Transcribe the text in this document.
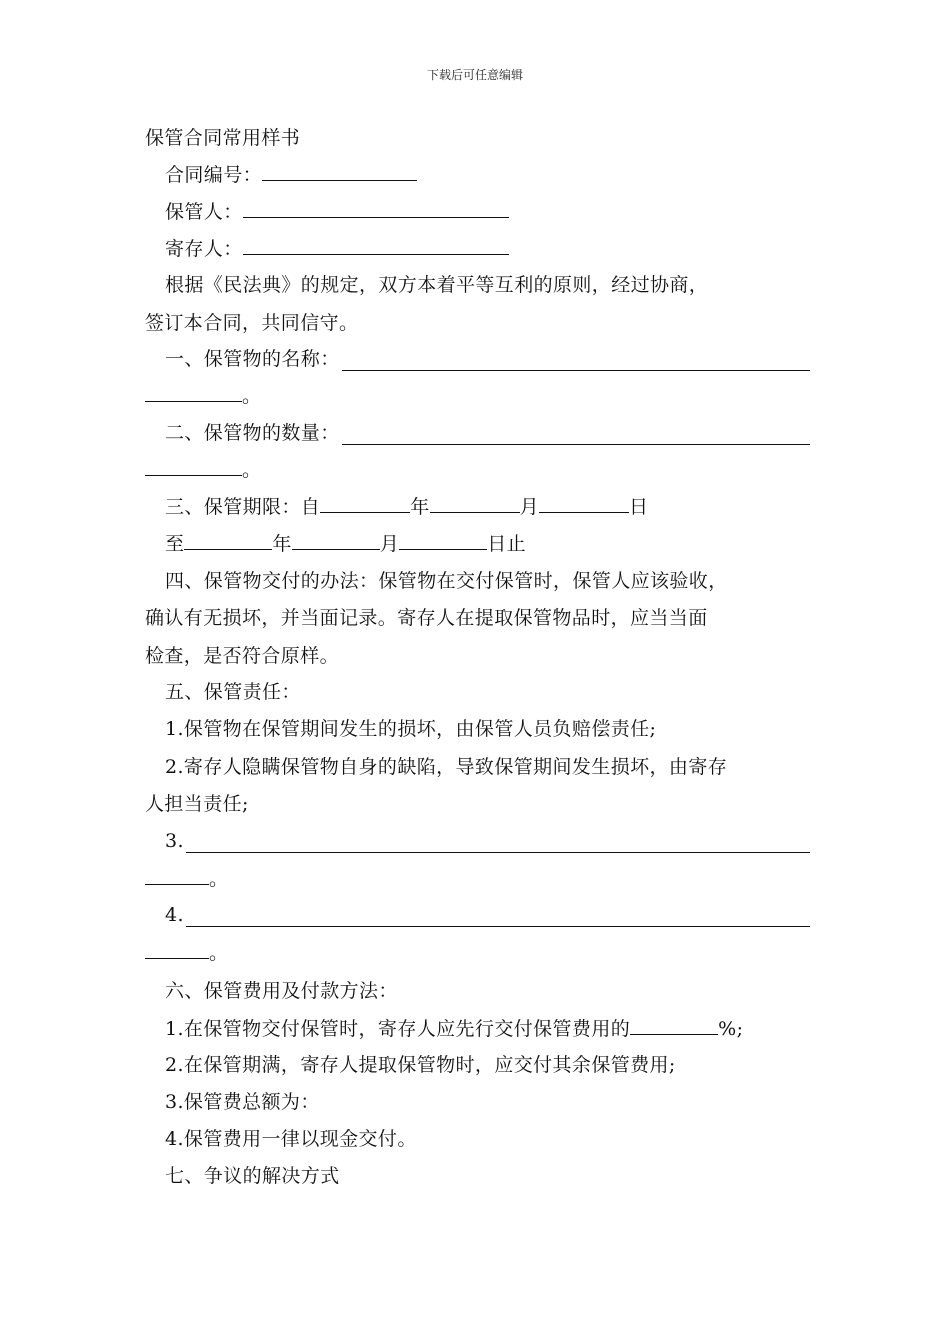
下载后可任意编辑
保管合同常用样书
合同编号：
保管人：
寄存人：
根据《民法典》的规定，双方本着平等互利的原则，经过协商，
签订本合同，共同信守。
一、保管物的名称：
。
二、保管物的数量：
。
三、保管期限：自	年	月	日
至	年	月	日止
四、保管物交付的办法：保管物在交付保管时，保管人应该验收，
确认有无损坏，并当面记录。寄存人在提取保管物品时，应当当面
检查，是否符合原样。
五、保管责任：
1.保管物在保管期间发生的损坏，由保管人员负赔偿责任;
2.寄存人隐瞒保管物自身的缺陷，导致保管期间发生损坏，由寄存
人担当责任;
3.
。
4.
。
六、保管费用及付款方法：
1.在保管物交付保管时，寄存人应先行交付保管费用的	%;
2.在保管期满，寄存人提取保管物时，应交付其余保管费用;
3.保管费总额为：
4.保管费用一律以现金交付。
七、争议的解决方式
